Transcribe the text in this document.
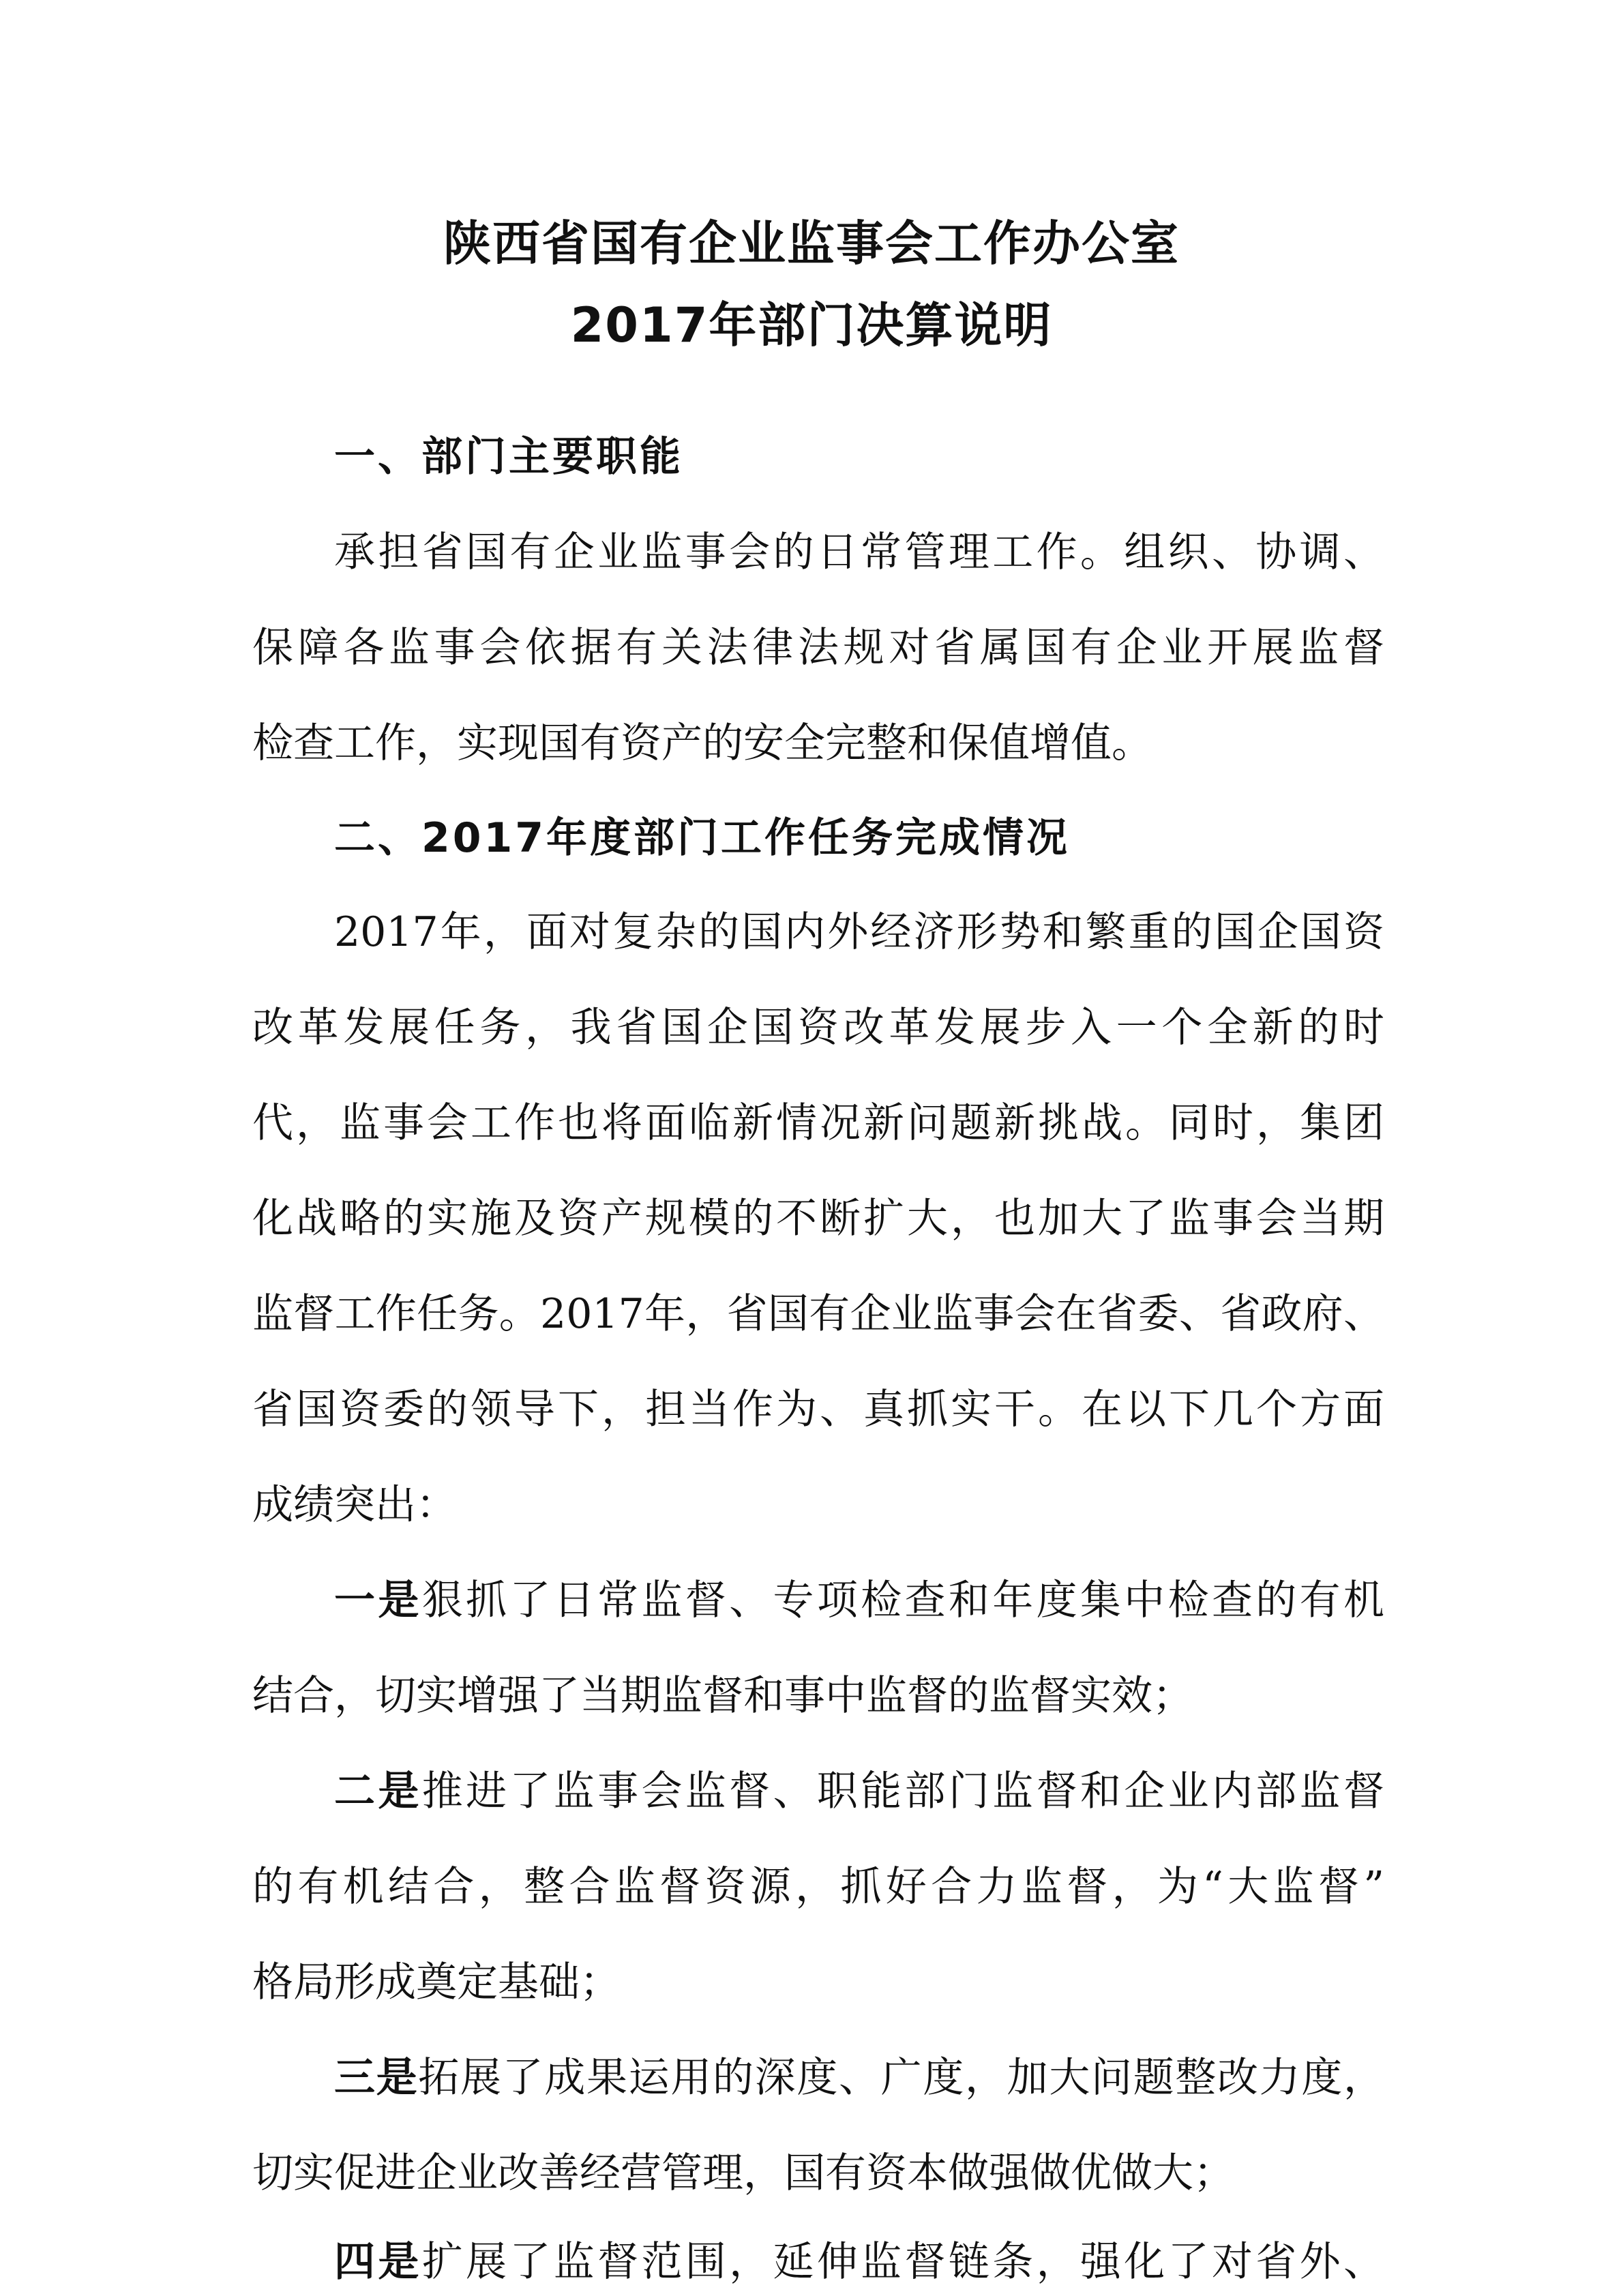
陕西省国有企业监事会工作办公室
2017年部门决算说明
一、部门主要职能
承担省国有企业监事会的日常管理工作。组织、协调、
保障各监事会依据有关法律法规对省属国有企业开展监督
检查工作，实现国有资产的安全完整和保值增值。
二、2017年度部门工作任务完成情况
2017年，面对复杂的国内外经济形势和繁重的国企国资
改革发展任务，我省国企国资改革发展步入一个全新的时
代，监事会工作也将面临新情况新问题新挑战。同时，集团
化战略的实施及资产规模的不断扩大，也加大了监事会当期
监督工作任务。2017年，省国有企业监事会在省委、省政府、
省国资委的领导下，担当作为、真抓实干。在以下几个方面
成绩突出：
一是狠抓了日常监督、专项检查和年度集中检查的有机
结合，切实增强了当期监督和事中监督的监督实效；
二是推进了监事会监督、职能部门监督和企业内部监督
的有机结合，整合监督资源，抓好合力监督，为“大监督”
格局形成奠定基础；
三是拓展了成果运用的深度、广度，加大问题整改力度，
切实促进企业改善经营管理，国有资本做强做优做大；
四是扩展了监督范围，延伸监督链条，强化了对省外、
